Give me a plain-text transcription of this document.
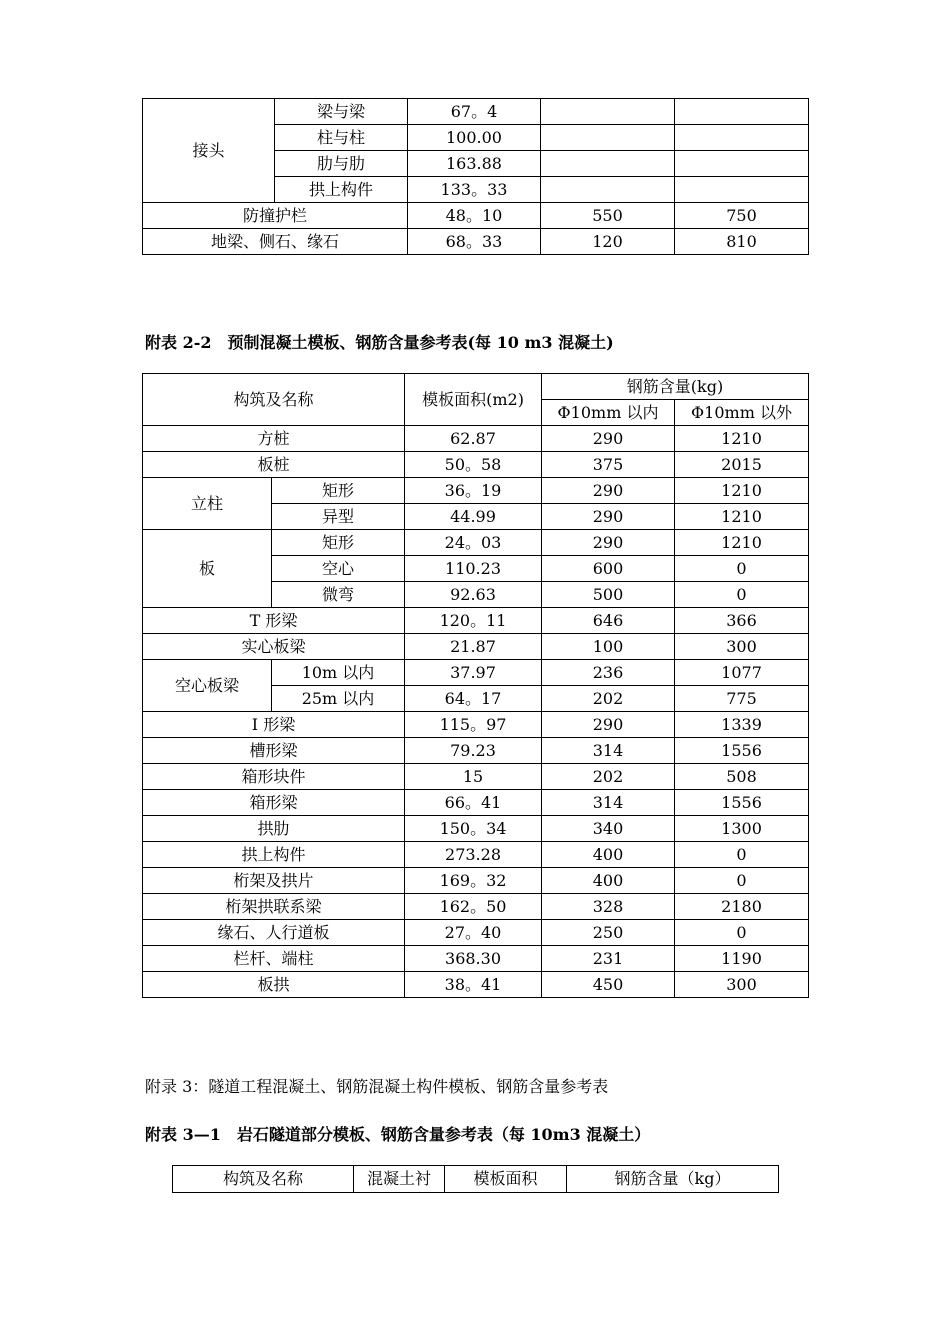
接头	梁与梁	67。4		
	柱与柱	100.00		
	肋与肋	163.88		
	拱上构件	133。33		
防撞护栏		48。10	550	750
地梁、侧石、缘石		68。33	120	810
附表 2-2　预制混凝土模板、钢筋含量参考表(每 10 m3 混凝土)
构筑及名称		模板面积(m2)	钢筋含量(kg)	
			Φ10mm 以内	Φ10mm 以外
方桩		62.87	290	1210
板桩		50。58	375	2015
立柱	矩形	36。19	290	1210
	异型	44.99	290	1210
板	矩形	24。03	290	1210
	空心	110.23	600	0
	微弯	92.63	500	0
T 形梁		120。11	646	366
实心板梁		21.87	100	300
空心板梁	10m 以内	37.97	236	1077
	25m 以内	64。17	202	775
I 形梁		115。97	290	1339
槽形梁		79.23	314	1556
箱形块件		15	202	508
箱形梁		66。41	314	1556
拱肋		150。34	340	1300
拱上构件		273.28	400	0
桁架及拱片		169。32	400	0
桁架拱联系梁		162。50	328	2180
缘石、人行道板		27。40	250	0
栏杆、端柱		368.30	231	1190
板拱		38。41	450	300
附录 3：隧道工程混凝土、钢筋混凝土构件模板、钢筋含量参考表
附表 3—1　岩石隧道部分模板、钢筋含量参考表（每 10m3 混凝土）
构筑及名称	混凝土衬	模板面积	钢筋含量（kg）
